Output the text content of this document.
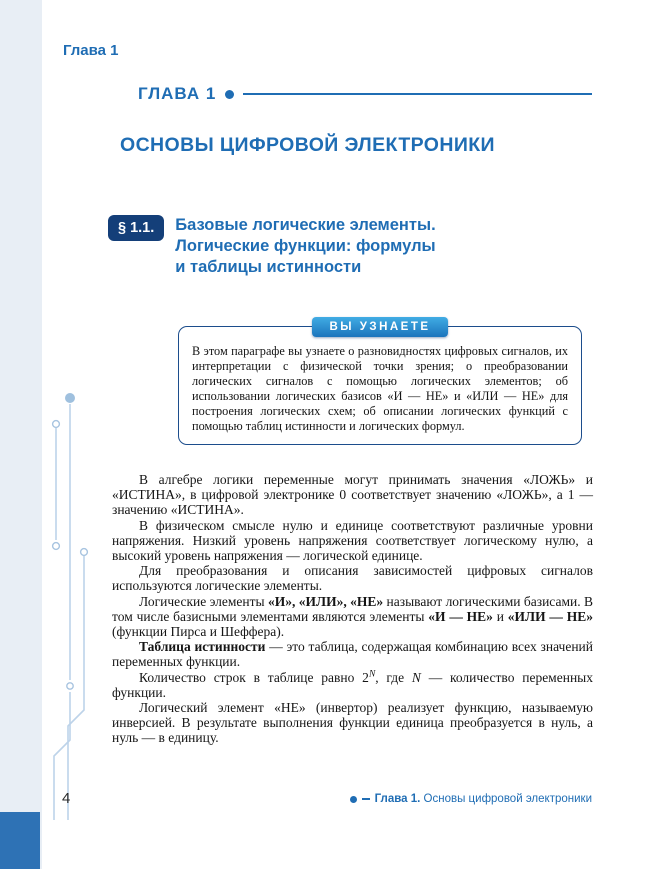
Глава 1
ГЛАВА 1
ОСНОВЫ ЦИФРОВОЙ ЭЛЕКТРОНИКИ
§ 1.1.	Базовые логические элементы.
Логические функции: формулы
и таблицы истинности
ВЫ УЗНАЕТЕ

В этом параграфе вы узнаете о разновидностях цифровых сигналов, их интерпретации с физической точки зрения; о преобразовании логических сигналов с помощью логических элементов; об использовании логических базисов «И — НЕ» и «ИЛИ — НЕ» для построения логических схем; об описании логических функций с помощью таблиц истинности и логических формул.

В алгебре логики переменные могут принимать значения «ЛОЖЬ» и «ИСТИНА», в цифровой электронике 0 соответствует значению «ЛОЖЬ», а 1 — значению «ИСТИНА».

В физическом смысле нулю и единице соответствуют различные уровни напряжения. Низкий уровень напряжения соответствует логическому нулю, а высокий уровень напряжения — логической единице.

Для преобразования и описания зависимостей цифровых сигналов используются логические элементы.

Логические элементы «И», «ИЛИ», «НЕ» называют логическими базисами. В том числе базисными элементами являются элементы «И — НЕ» и «ИЛИ — НЕ» (функции Пирса и Шеффера).

Таблица истинности — это таблица, содержащая комбинацию всех значений переменных функции.

Количество строк в таблице равно $2^N$, где N — количество переменных функции.

Логический элемент «НЕ» (инвертор) реализует функцию, называемую инверсией. В результате выполнения функции единица преобразуется в нуль, а нуль — в единицу.

4	Глава 1. Основы цифровой электроники
